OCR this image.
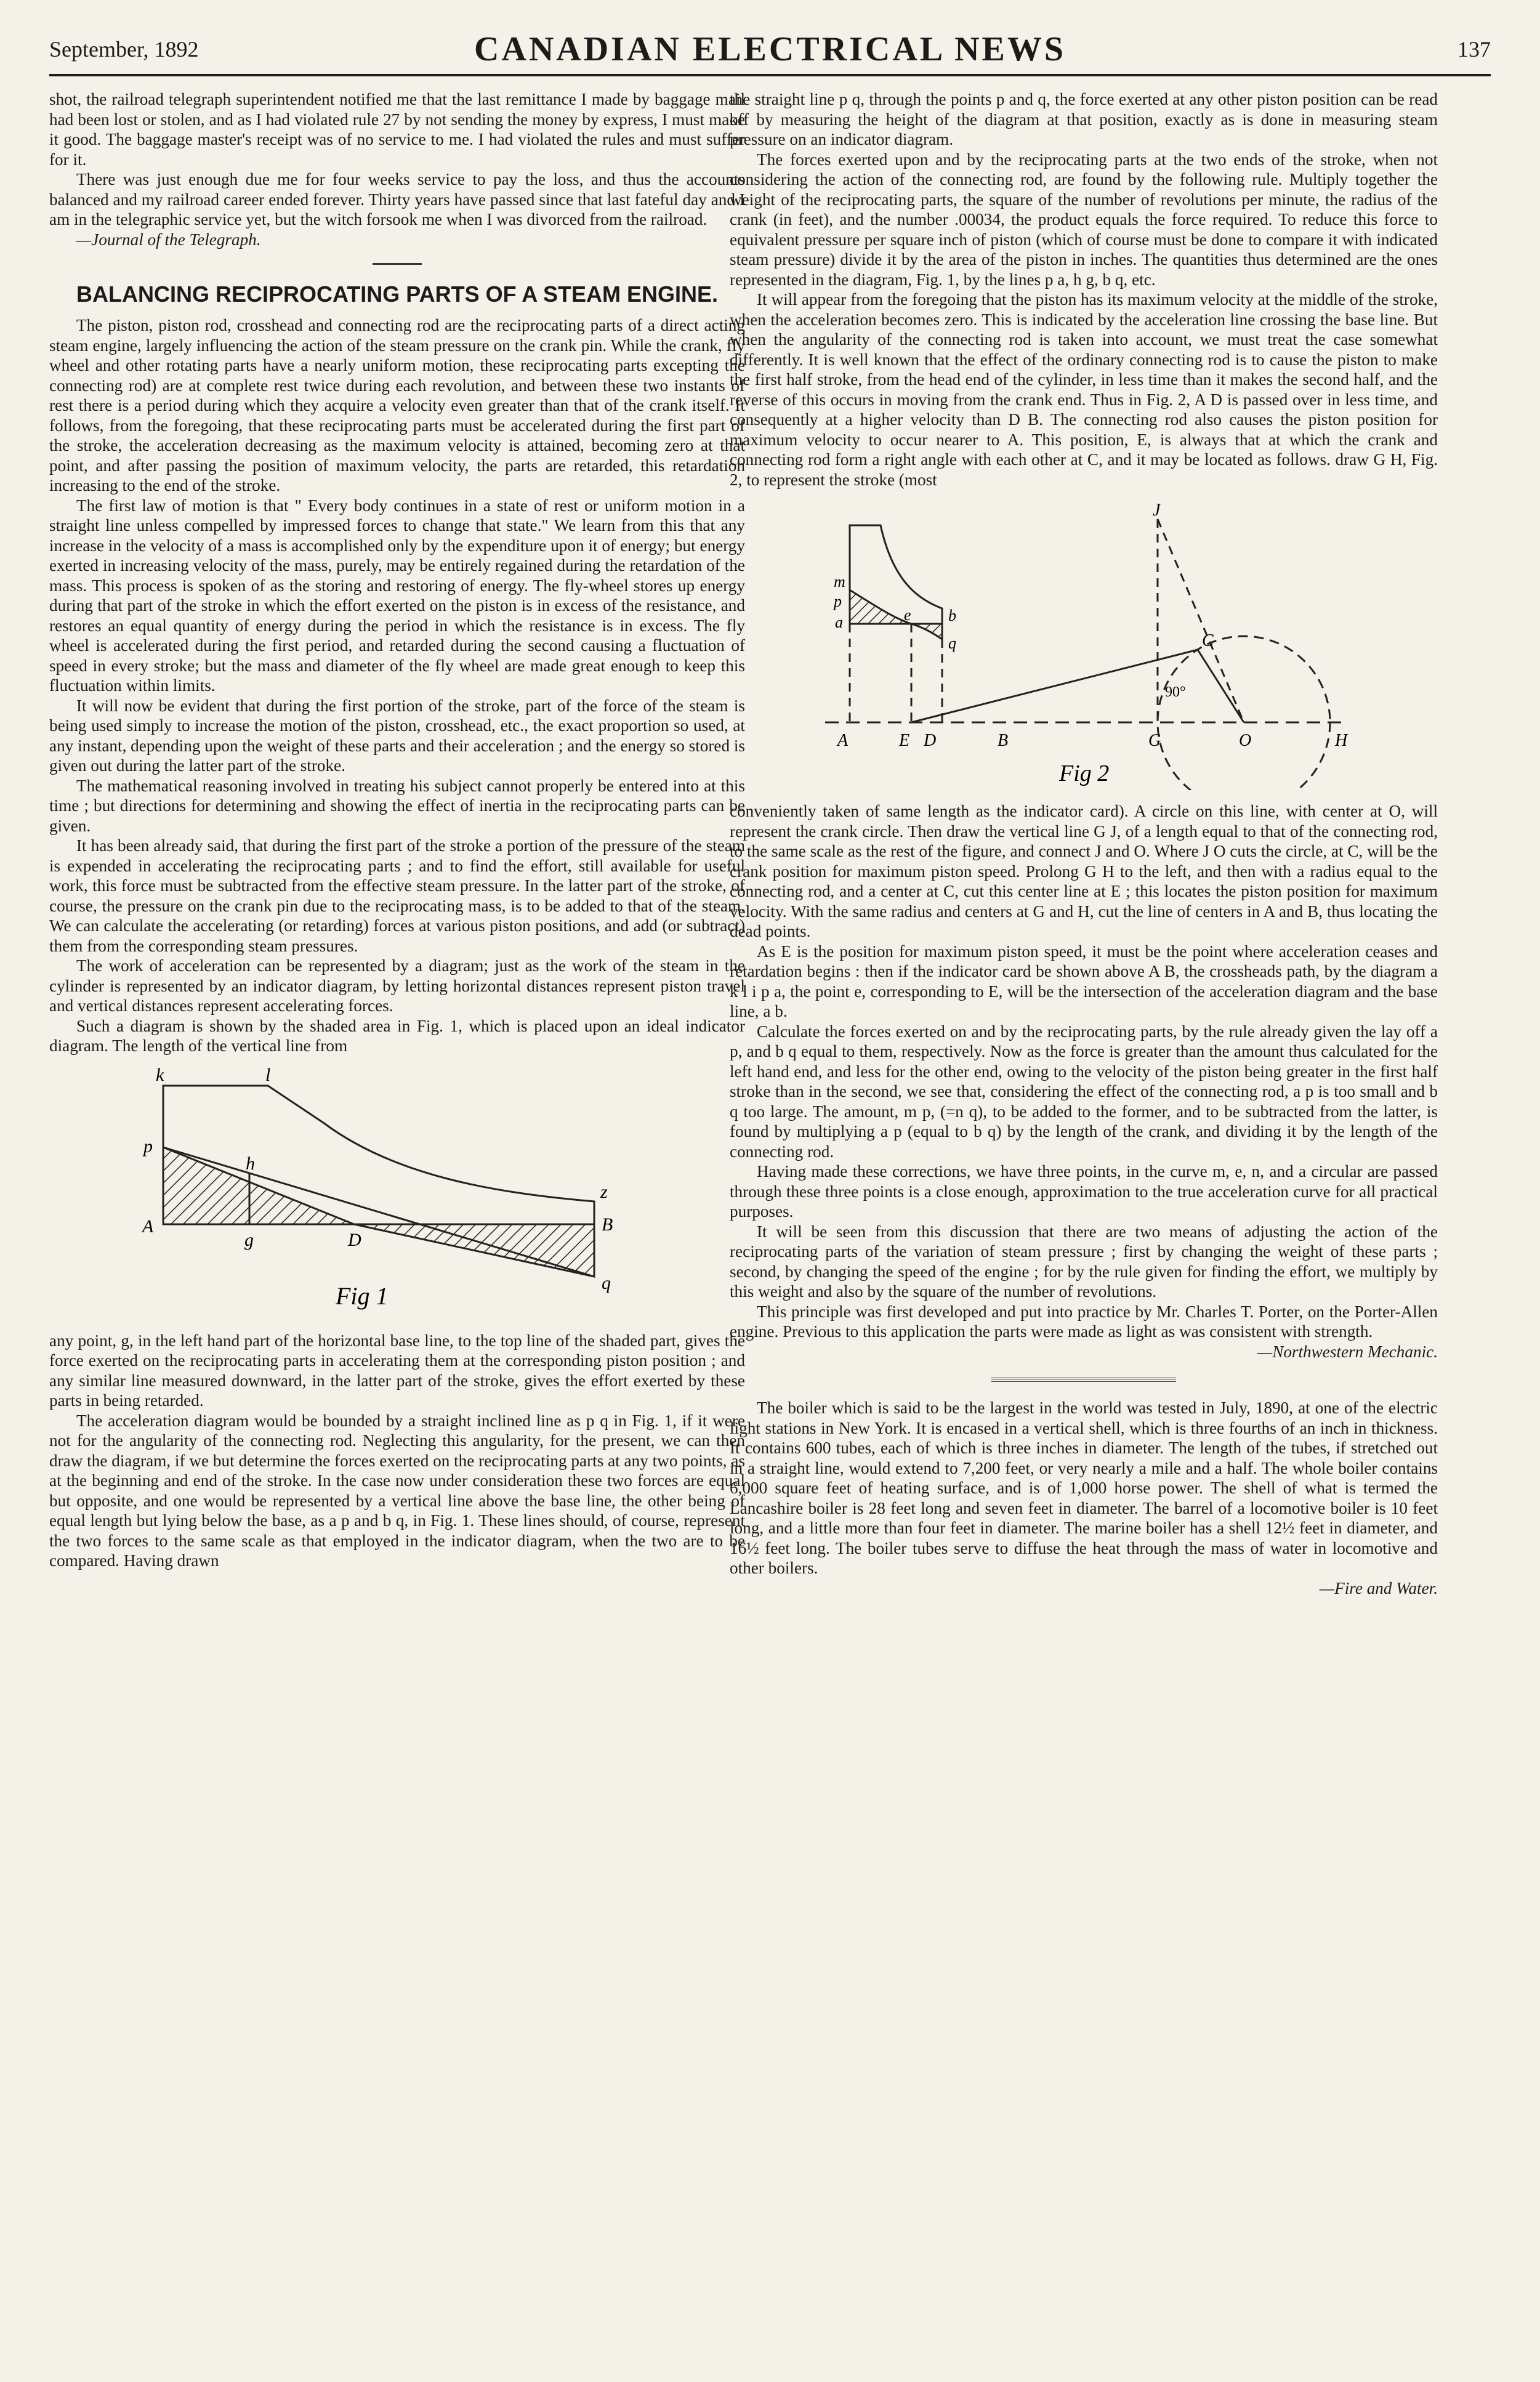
September, 1892	CANADIAN ELECTRICAL NEWS	137

shot, the railroad telegraph superintendent notified me that the last remittance I made by baggage mail had been lost or stolen, and as I had violated rule 27 by not sending the money by express, I must make it good. The baggage master's receipt was of no service to me. I had violated the rules and must suffer for it.

There was just enough due me for four weeks service to pay the loss, and thus the accounts balanced and my railroad career ended forever. Thirty years have passed since that last fateful day and I am in the telegraphic service yet, but the witch forsook me when I was divorced from the railroad.

—Journal of the Telegraph.

BALANCING RECIPROCATING PARTS OF A STEAM ENGINE.

The piston, piston rod, crosshead and connecting rod are the reciprocating parts of a direct acting steam engine, largely influencing the action of the steam pressure on the crank pin. While the crank, fly wheel and other rotating parts have a nearly uniform motion, these reciprocating parts excepting the connecting rod) are at complete rest twice during each revolution, and between these two instants of rest there is a period during which they acquire a velocity even greater than that of the crank itself. It follows, from the foregoing, that these reciprocating parts must be accelerated during the first part of the stroke, the acceleration decreasing as the maximum velocity is attained, becoming zero at that point, and after passing the position of maximum velocity, the parts are retarded, this retardation increasing to the end of the stroke.

The first law of motion is that " Every body continues in a state of rest or uniform motion in a straight line unless compelled by impressed forces to change that state." We learn from this that any increase in the velocity of a mass is accomplished only by the expenditure upon it of energy; but energy exerted in increasing velocity of the mass, purely, may be entirely regained during the retardation of the mass. This process is spoken of as the storing and restoring of energy. The fly-wheel stores up energy during that part of the stroke in which the effort exerted on the piston is in excess of the resistance, and restores an equal quantity of energy during the period in which the resistance is in excess. The fly wheel is accelerated during the first period, and retarded during the second causing a fluctuation of speed in every stroke; but the mass and diameter of the fly wheel are made great enough to keep this fluctuation within limits.

It will now be evident that during the first portion of the stroke, part of the force of the steam is being used simply to increase the motion of the piston, crosshead, etc., the exact proportion so used, at any instant, depending upon the weight of these parts and their acceleration ; and the energy so stored is given out during the latter part of the stroke.

The mathematical reasoning involved in treating his subject cannot properly be entered into at this time ; but directions for determining and showing the effect of inertia in the reciprocating parts can be given.

It has been already said, that during the first part of the stroke a portion of the pressure of the steam is expended in accelerating the reciprocating parts ; and to find the effort, still available for useful work, this force must be subtracted from the effective steam pressure. In the latter part of the stroke, of course, the pressure on the crank pin due to the reciprocating mass, is to be added to that of the steam. We can calculate the accelerating (or retarding) forces at various piston positions, and add (or subtract) them from the corresponding steam pressures.

The work of acceleration can be represented by a diagram; just as the work of the steam in the cylinder is represented by an indicator diagram, by letting horizontal distances represent piston travel and vertical distances represent accelerating forces.

Such a diagram is shown by the shaded area in Fig. 1, which is placed upon an ideal indicator diagram. The length of the vertical line from

k	l
p
h
A
g	D
z
B
q
Fig 1

any point, g, in the left hand part of the horizontal base line, to the top line of the shaded part, gives the force exerted on the reciprocating parts in accelerating them at the corresponding piston position ; and any similar line measured downward, in the latter part of the stroke, gives the effort exerted by these parts in being retarded.

The acceleration diagram would be bounded by a straight inclined line as p q in Fig. 1, if it were not for the angularity of the connecting rod. Neglecting this angularity, for the present, we can then draw the diagram, if we but determine the forces exerted on the reciprocating parts at any two points, as at the beginning and end of the stroke. In the case now under consideration these two forces are equal but opposite, and one would be represented by a vertical line above the base line, the other being of equal length but lying below the base, as a p and b q, in Fig. 1. These lines should, of course, represent the two forces to the same scale as that employed in the indicator diagram, when the two are to be compared. Having drawn

the straight line p q, through the points p and q, the force exerted at any other piston position can be read off by measuring the height of the diagram at that position, exactly as is done in measuring steam pressure on an indicator diagram.

The forces exerted upon and by the reciprocating parts at the two ends of the stroke, when not considering the action of the connecting rod, are found by the following rule. Multiply together the weight of the reciprocating parts, the square of the number of revolutions per minute, the radius of the crank (in feet), and the number .00034, the product equals the force required. To reduce this force to equivalent pressure per square inch of piston (which of course must be done to compare it with indicated steam pressure) divide it by the area of the piston in inches. The quantities thus determined are the ones represented in the diagram, Fig. 1, by the lines p a, h g, b q, etc.

It will appear from the foregoing that the piston has its maximum velocity at the middle of the stroke, when the acceleration becomes zero. This is indicated by the acceleration line crossing the base line. But when the angularity of the connecting rod is taken into account, we must treat the case somewhat differently. It is well known that the effect of the ordinary connecting rod is to cause the piston to make the first half stroke, from the head end of the cylinder, in less time than it makes the second half, and the reverse of this occurs in moving from the crank end. Thus in Fig. 2, A D is passed over in less time, and consequently at a higher velocity than D B. The connecting rod also causes the piston position for maximum velocity to occur nearer to A. This position, E, is always that at which the crank and connecting rod form a right angle with each other at C, and it may be located as follows. draw G H, Fig. 2, to represent the stroke (most

J
m
p
a	e b
q
A	E D	B	G	O	H
C
90°
Fig 2

conveniently taken of same length as the indicator card). A circle on this line, with center at O, will represent the crank circle. Then draw the vertical line G J, of a length equal to that of the connecting rod, to the same scale as the rest of the figure, and connect J and O. Where J O cuts the circle, at C, will be the crank position for maximum piston speed. Prolong G H to the left, and then with a radius equal to the connecting rod, and a center at C, cut this center line at E ; this locates the piston position for maximum velocity. With the same radius and centers at G and H, cut the line of centers in A and B, thus locating the dead points.

As E is the position for maximum piston speed, it must be the point where acceleration ceases and retardation begins : then if the indicator card be shown above A B, the crossheads path, by the diagram a k l i p a, the point e, corresponding to E, will be the intersection of the acceleration diagram and the base line, a b.

Calculate the forces exerted on and by the reciprocating parts, by the rule already given the lay off a p, and b q equal to them, respectively. Now as the force is greater than the amount thus calculated for the left hand end, and less for the other end, owing to the velocity of the piston being greater in the first half stroke than in the second, we see that, considering the effect of the connecting rod, a p is too small and b q too large. The amount, m p, (=n q), to be added to the former, and to be subtracted from the latter, is found by multiplying a p (equal to b q) by the length of the crank, and dividing it by the length of the connecting rod.

Having made these corrections, we have three points, in the curve m, e, n, and a circular are passed through these three points is a close enough, approximation to the true acceleration curve for all practical purposes.

It will be seen from this discussion that there are two means of adjusting the action of the reciprocating parts of the variation of steam pressure ; first by changing the weight of these parts ; second, by changing the speed of the engine ; for by the rule given for finding the effort, we multiply by this weight and also by the square of the number of revolutions.

This principle was first developed and put into practice by Mr. Charles T. Porter, on the Porter-Allen engine. Previous to this application the parts were made as light as was consistent with strength.

—Northwestern Mechanic.

The boiler which is said to be the largest in the world was tested in July, 1890, at one of the electric light stations in New York. It is encased in a vertical shell, which is three fourths of an inch in thickness. It contains 600 tubes, each of which is three inches in diameter. The length of the tubes, if stretched out in a straight line, would extend to 7,200 feet, or very nearly a mile and a half. The whole boiler contains 6,000 square feet of heating surface, and is of 1,000 horse power. The shell of what is termed the Lancashire boiler is 28 feet long and seven feet in diameter. The barrel of a locomotive boiler is 10 feet long, and a little more than four feet in diameter. The marine boiler has a shell 12½ feet in diameter, and 16½ feet long. The boiler tubes serve to diffuse the heat through the mass of water in locomotive and other boilers.

—Fire and Water.
